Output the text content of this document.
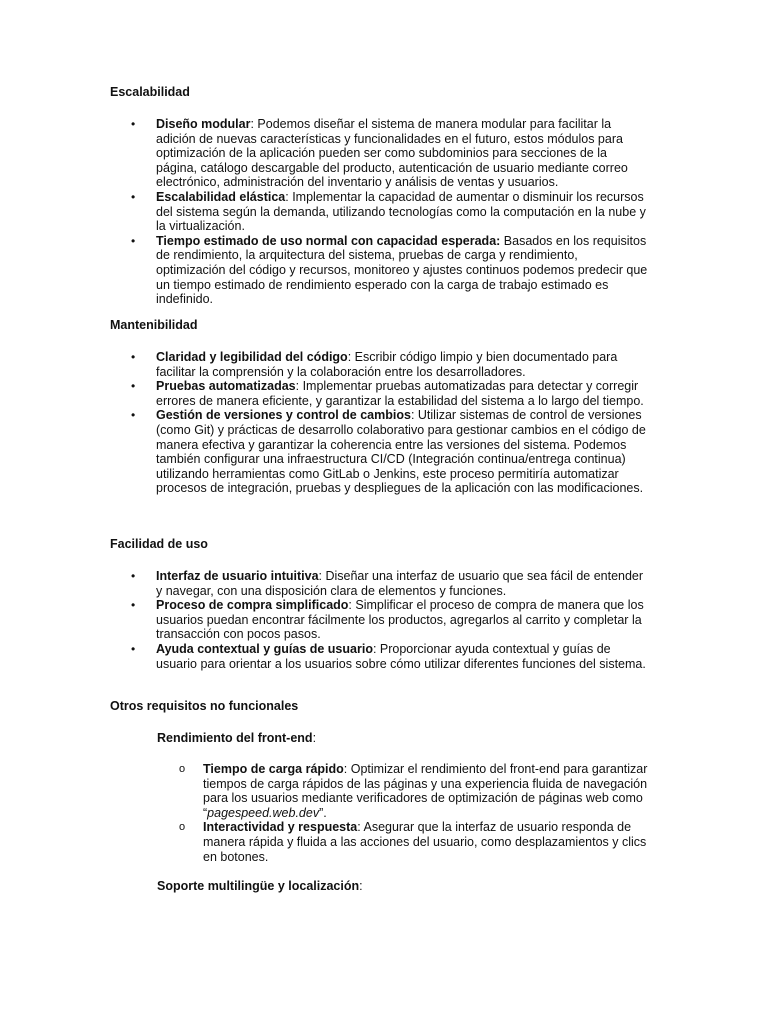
Escalabilidad
• Diseño modular: Podemos diseñar el sistema de manera modular para facilitar la adición de nuevas características y funcionalidades en el futuro, estos módulos para optimización de la aplicación pueden ser como subdominios para secciones de la página, catálogo descargable del producto, autenticación de usuario mediante correo electrónico, administración del inventario y análisis de ventas y usuarios.
• Escalabilidad elástica: Implementar la capacidad de aumentar o disminuir los recursos del sistema según la demanda, utilizando tecnologías como la computación en la nube y la virtualización.
• Tiempo estimado de uso normal con capacidad esperada: Basados en los requisitos de rendimiento, la arquitectura del sistema, pruebas de carga y rendimiento, optimización del código y recursos, monitoreo y ajustes continuos podemos predecir que un tiempo estimado de rendimiento esperado con la carga de trabajo estimado es indefinido.
Mantenibilidad
• Claridad y legibilidad del código: Escribir código limpio y bien documentado para facilitar la comprensión y la colaboración entre los desarrolladores.
• Pruebas automatizadas: Implementar pruebas automatizadas para detectar y corregir errores de manera eficiente, y garantizar la estabilidad del sistema a lo largo del tiempo.
• Gestión de versiones y control de cambios: Utilizar sistemas de control de versiones (como Git) y prácticas de desarrollo colaborativo para gestionar cambios en el código de manera efectiva y garantizar la coherencia entre las versiones del sistema. Podemos también configurar una infraestructura CI/CD (Integración continua/entrega continua) utilizando herramientas como GitLab o Jenkins, este proceso permitiría automatizar procesos de integración, pruebas y despliegues de la aplicación con las modificaciones.
Facilidad de uso
• Interfaz de usuario intuitiva: Diseñar una interfaz de usuario que sea fácil de entender y navegar, con una disposición clara de elementos y funciones.
• Proceso de compra simplificado: Simplificar el proceso de compra de manera que los usuarios puedan encontrar fácilmente los productos, agregarlos al carrito y completar la transacción con pocos pasos.
• Ayuda contextual y guías de usuario: Proporcionar ayuda contextual y guías de usuario para orientar a los usuarios sobre cómo utilizar diferentes funciones del sistema.
Otros requisitos no funcionales
Rendimiento del front-end:
o Tiempo de carga rápido: Optimizar el rendimiento del front-end para garantizar tiempos de carga rápidos de las páginas y una experiencia fluida de navegación para los usuarios mediante verificadores de optimización de páginas web como “pagespeed.web.dev”.
o Interactividad y respuesta: Asegurar que la interfaz de usuario responda de manera rápida y fluida a las acciones del usuario, como desplazamientos y clics en botones.
Soporte multilingüe y localización:
